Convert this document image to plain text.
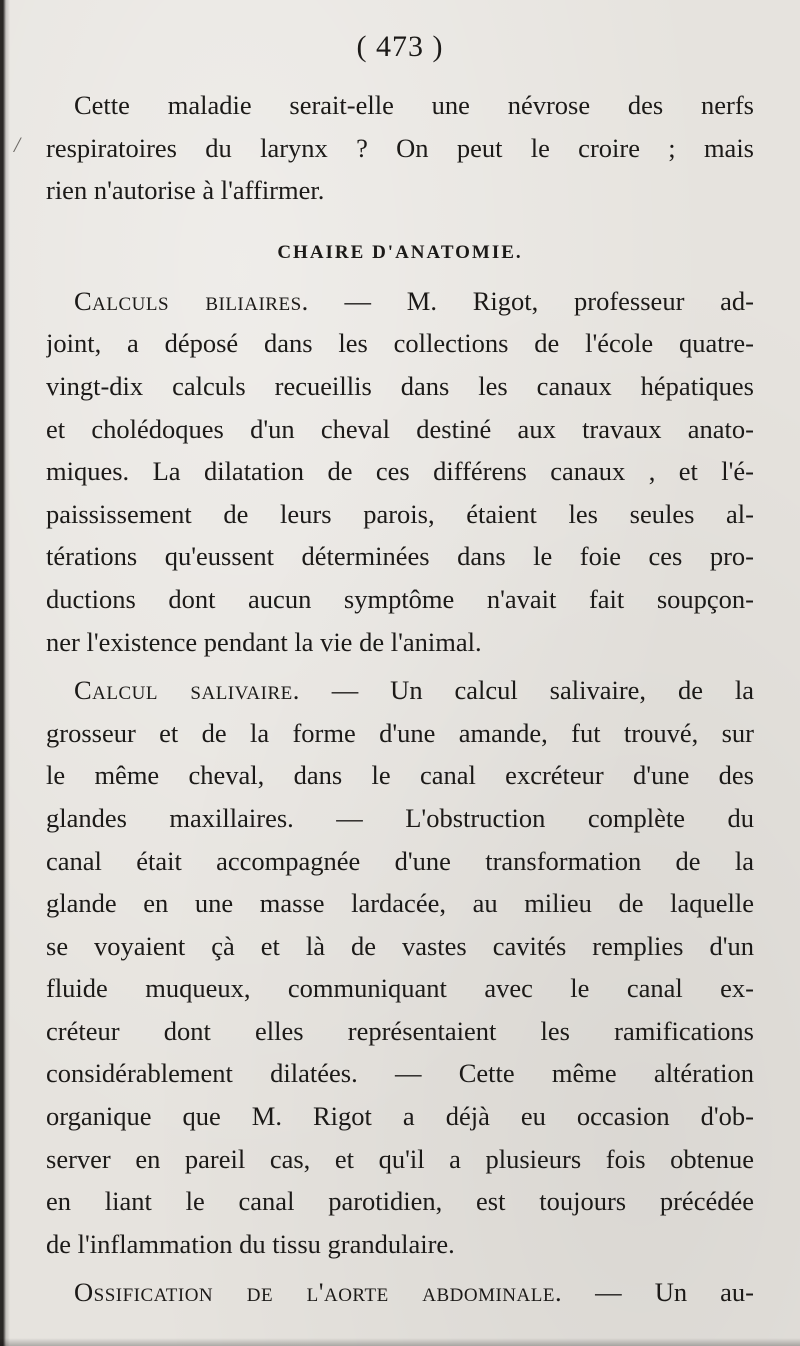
/
( 473 )
Cette maladie serait-elle une névrose des nerfs
respiratoires du larynx ? On peut le croire ; mais
rien n'autorise à l'affirmer.
CHAIRE D'ANATOMIE.
Calculs biliaires. — M. Rigot, professeur ad-
joint, a déposé dans les collections de l'école quatre-
vingt-dix calculs recueillis dans les canaux hépatiques
et cholédoques d'un cheval destiné aux travaux anato-
miques. La dilatation de ces différens canaux , et l'é-
paississement de leurs parois, étaient les seules al-
térations qu'eussent déterminées dans le foie ces pro-
ductions dont aucun symptôme n'avait fait soupçon-
ner l'existence pendant la vie de l'animal.
Calcul salivaire. — Un calcul salivaire, de la
grosseur et de la forme d'une amande, fut trouvé, sur
le même cheval, dans le canal excréteur d'une des
glandes maxillaires. — L'obstruction complète du
canal était accompagnée d'une transformation de la
glande en une masse lardacée, au milieu de laquelle
se voyaient çà et là de vastes cavités remplies d'un
fluide muqueux, communiquant avec le canal ex-
créteur dont elles représentaient les ramifications
considérablement dilatées. — Cette même altération
organique que M. Rigot a déjà eu occasion d'ob-
server en pareil cas, et qu'il a plusieurs fois obtenue
en liant le canal parotidien, est toujours précédée
de l'inflammation du tissu grandulaire.
Ossification de l'aorte abdominale. — Un au-
